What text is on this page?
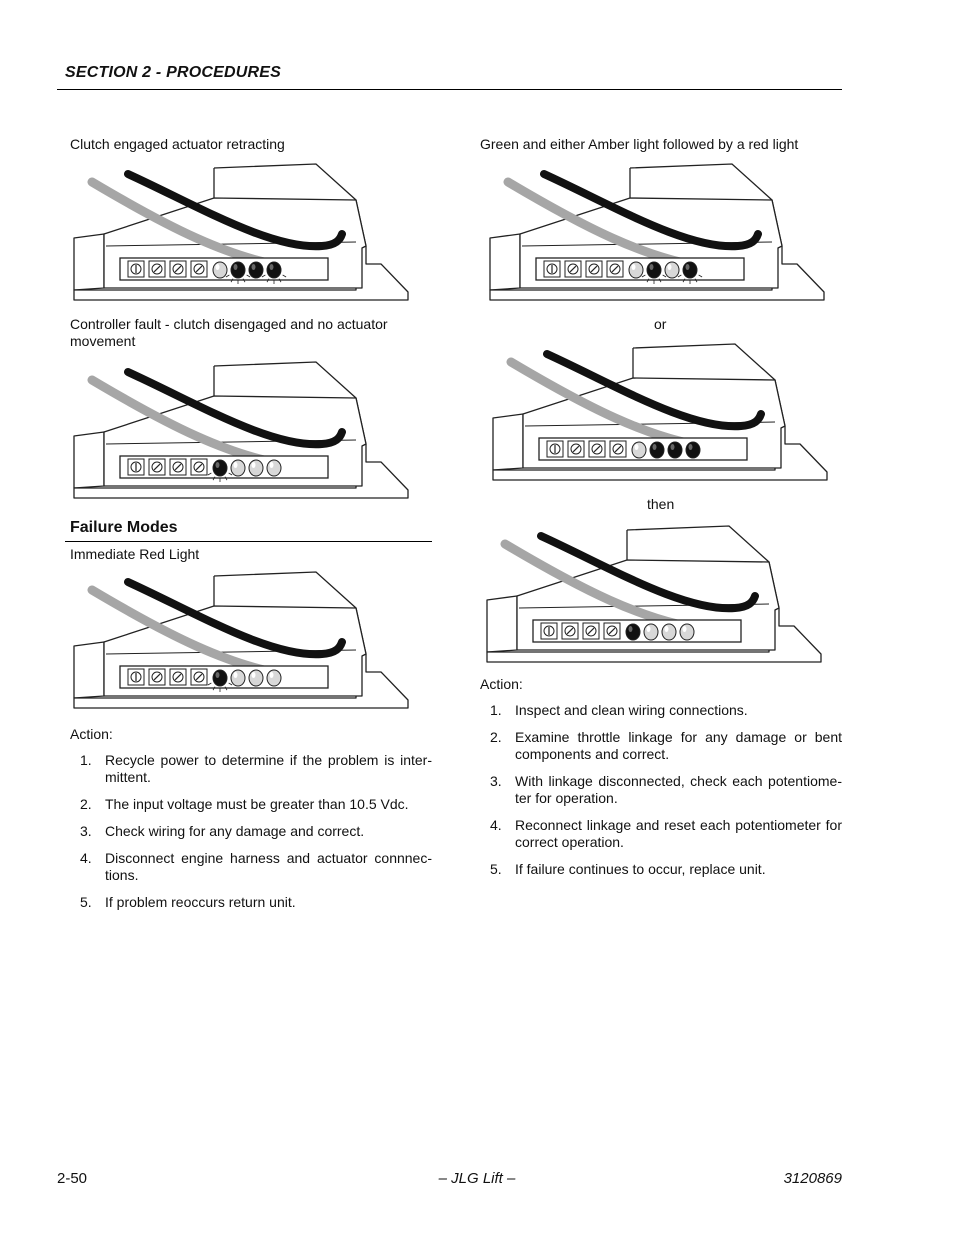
SECTION 2 - PROCEDURES
Clutch engaged actuator retracting
Controller fault - clutch disengaged and no actuator
movement
Failure Modes
Immediate Red Light
Action:
1. Recycle power to determine if the problem is inter-mittent.
2. The input voltage must be greater than 10.5 Vdc.
3. Check wiring for any damage and correct.
4. Disconnect engine harness and actuator connnec-tions.
5. If problem reoccurs return unit.
Green and either Amber light followed by a red light
or
then
Action:
1. Inspect and clean wiring connections.
2. Examine throttle linkage for any damage or bent components and correct.
3. With linkage disconnected, check each potentiome-ter for operation.
4. Reconnect linkage and reset each potentiometer for correct operation.
5. If failure continues to occur, replace unit.
2-50	– JLG Lift –	3120869
